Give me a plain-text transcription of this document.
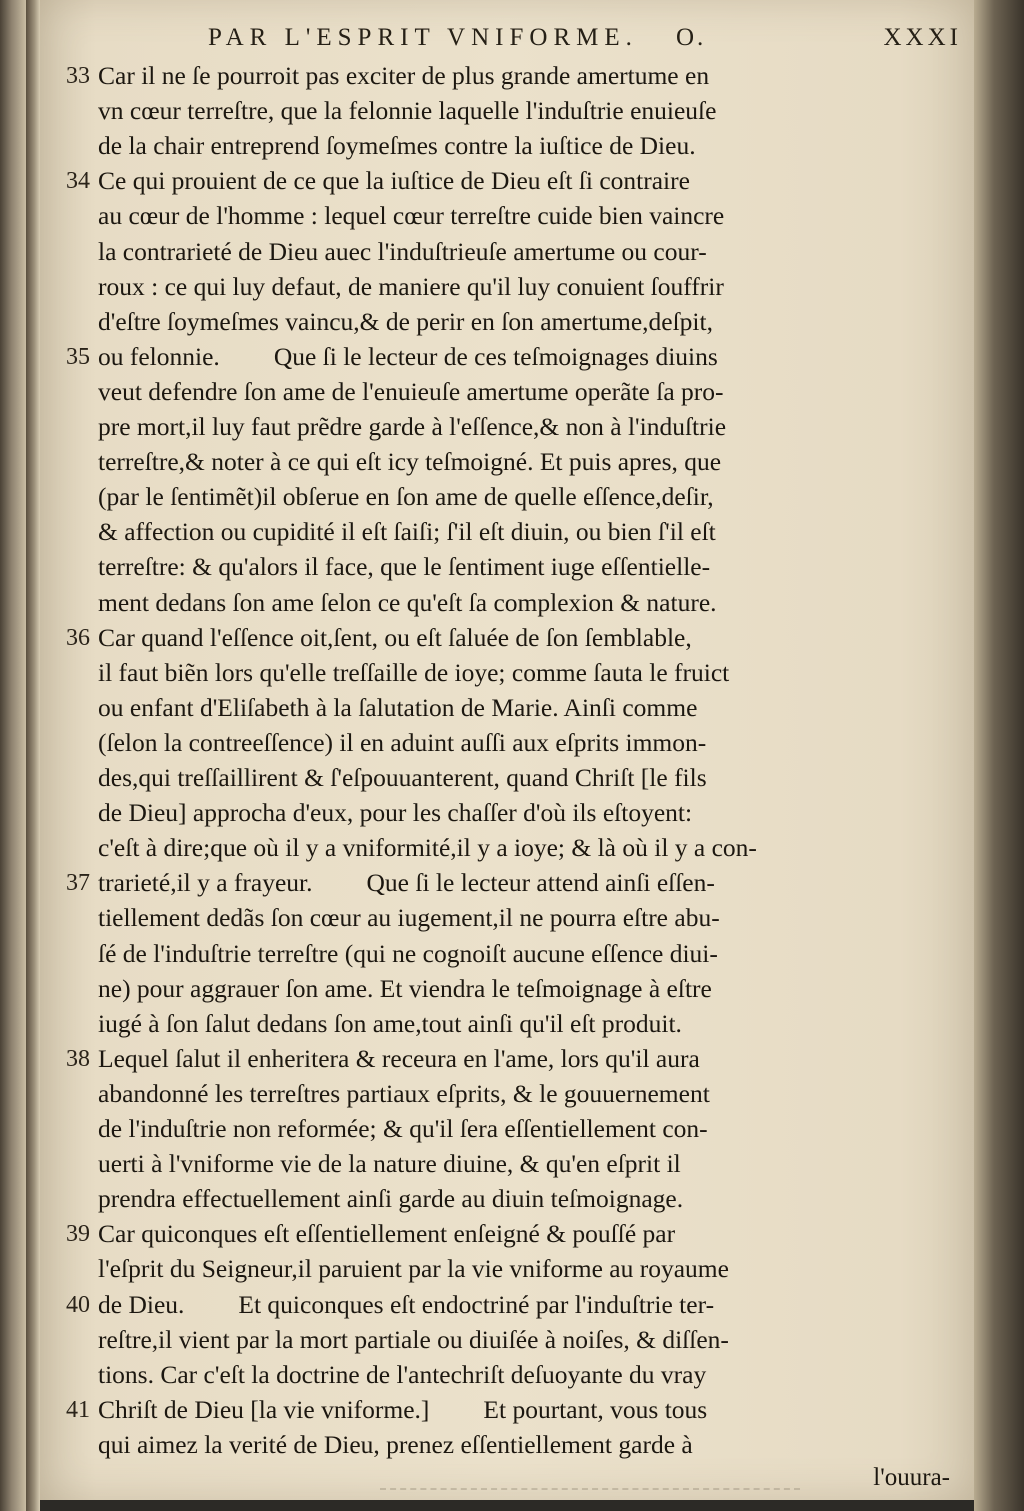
PAR L'ESPRIT VNIFORME. O.	XXXI
33 Car il ne ſe pourroit pas exciter de plus grande amertume en
vn cœur terreſtre, que la felonnie laquelle l'induſtrie enuieuſe
de la chair entreprend ſoymeſmes contre la iuſtice de Dieu.
34 Ce qui prouient de ce que la iuſtice de Dieu eſt ſi contraire
au cœur de l'homme : lequel cœur terreſtre cuide bien vaincre
la contrarieté de Dieu auec l'induſtrieuſe amertume ou cour-
roux : ce qui luy defaut, de maniere qu'il luy conuient ſouffrir
d'eſtre ſoymeſmes vaincu,& de perir en ſon amertume,deſpit,
35 ou felonnie. Que ſi le lecteur de ces teſmoignages diuins
veut defendre ſon ame de l'enuieuſe amertume operãte ſa pro-
pre mort,il luy faut prẽdre garde à l'eſſence,& non à l'induſtrie
terreſtre,& noter à ce qui eſt icy teſmoigné. Et puis apres, que
(par le ſentimẽt)il obſerue en ſon ame de quelle eſſence,deſir,
& affection ou cupidité il eſt ſaiſi; ſ'il eſt diuin, ou bien ſ'il eſt
terreſtre: & qu'alors il face, que le ſentiment iuge eſſentielle-
ment dedans ſon ame ſelon ce qu'eſt ſa complexion & nature.
36 Car quand l'eſſence oit,ſent, ou eſt ſaluée de ſon ſemblable,
il faut biẽn lors qu'elle treſſaille de ioye; comme ſauta le fruict
ou enfant d'Eliſabeth à la ſalutation de Marie. Ainſi comme
(ſelon la contreeſſence) il en aduint auſſi aux eſprits immon-
des,qui treſſaillirent & ſ'eſpouuanterent, quand Chriſt [le fils
de Dieu] approcha d'eux, pour les chaſſer d'où ils eſtoyent:
c'eſt à dire;que où il y a vniformité,il y a ioye; & là où il y a con-
37 trarieté,il y a frayeur. Que ſi le lecteur attend ainſi eſſen-
tiellement dedãs ſon cœur au iugement,il ne pourra eſtre abu-
ſé de l'induſtrie terreſtre (qui ne cognoiſt aucune eſſence diui-
ne) pour aggrauer ſon ame. Et viendra le teſmoignage à eſtre
iugé à ſon ſalut dedans ſon ame,tout ainſi qu'il eſt produit.
38 Lequel ſalut il enheritera & receura en l'ame, lors qu'il aura
abandonné les terreſtres partiaux eſprits, & le gouuernement
de l'induſtrie non reformée; & qu'il ſera eſſentiellement con-
uerti à l'vniforme vie de la nature diuine, & qu'en eſprit il
prendra effectuellement ainſi garde au diuin teſmoignage.
39 Car quiconques eſt eſſentiellement enſeigné & pouſſé par
l'eſprit du Seigneur,il paruient par la vie vniforme au royaume
40 de Dieu. Et quiconques eſt endoctriné par l'induſtrie ter-
reſtre,il vient par la mort partiale ou diuiſée à noiſes, & diſſen-
tions. Car c'eſt la doctrine de l'antechriſt deſuoyante du vray
41 Chriſt de Dieu [la vie vniforme.] Et pourtant, vous tous
qui aimez la verité de Dieu, prenez eſſentiellement garde à
l'ouura-
